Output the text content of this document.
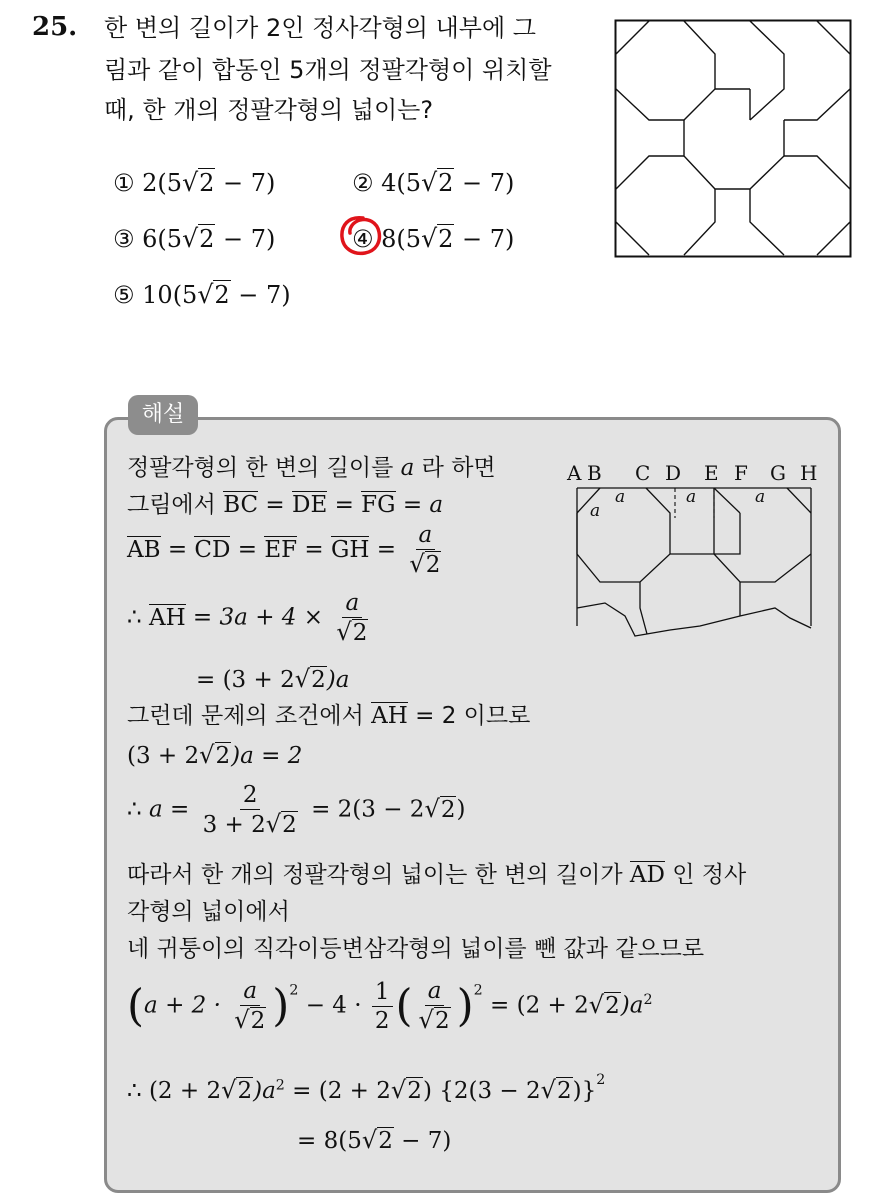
25. 한 변의 길이가 2인 정사각형의 내부에 그
림과 같이 합동인 5개의 정팔각형이 위치할
때, 한 개의 정팔각형의 넓이는?
① 2(5√2 − 7)	② 4(5√2 − 7)
③ 6(5√2 − 7)	④ 8(5√2 − 7)
⑤ 10(5√2 − 7)
해설
정팔각형의 한 변의 길이를 a 라 하면
그림에서 BC = DE = FG = a
AB = CD = EF = GH = $\frac{a}{√2}$
∴ AH = $3a + 4 \times \frac{a}{√2}$
= (3 + 2√2)a
그런데 문제의 조건에서 AH = 2 이므로
(3 + 2√2)a = 2
∴ $a = \frac{2}{3 + 2√2} = 2(3 - 2√2)$
따라서 한 개의 정팔각형의 넓이는 한 변의 길이가 AD 인 정사
각형의 넓이에서
네 귀퉁이의 직각이등변삼각형의 넓이를 뺀 값과 같으므로
$(a + 2 \cdot \frac{a}{√2} )^2 - 4 \cdot \frac{1}{2}$ ( $\frac{a}{√2} )^2 = (2 + 2√2)a^2$
∴ $(2 + 2√2)a^2 = (2 + 2√2)$ $\{2(3 - 2√2)\}^2$
= 8(5√2 − 7)
A B C D E F G H
a
a	a	a
